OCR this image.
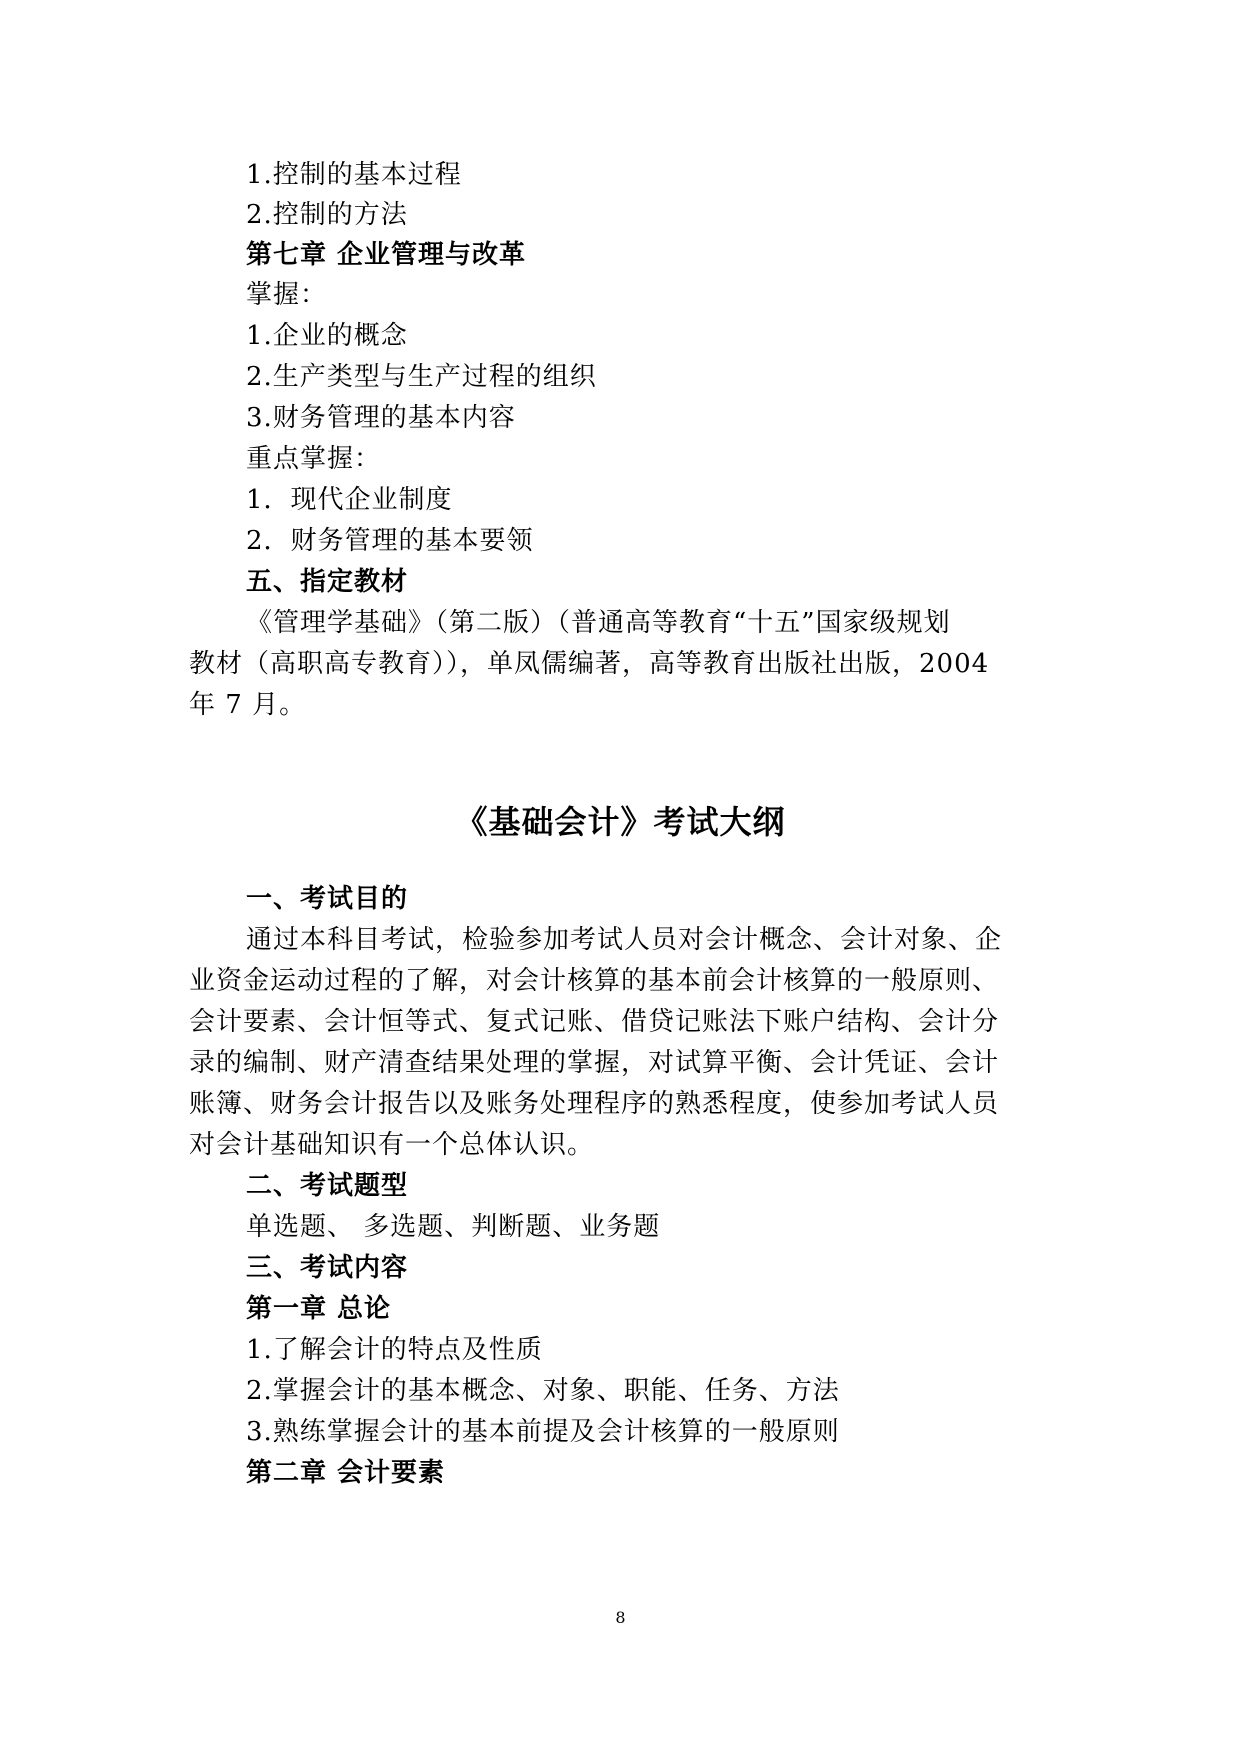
1.控制的基本过程
2.控制的方法
第七章 企业管理与改革
掌握：
1.企业的概念
2.生产类型与生产过程的组织
3.财务管理的基本内容
重点掌握：
1．现代企业制度
2．财务管理的基本要领
五、指定教材
《管理学基础》（第二版）（普通高等教育“十五”国家级规划
教材（高职高专教育）），单凤儒编著，高等教育出版社出版，2004
年 7 月。
《基础会计》考试大纲
一、考试目的
通过本科目考试，检验参加考试人员对会计概念、会计对象、企
业资金运动过程的了解，对会计核算的基本前会计核算的一般原则、
会计要素、会计恒等式、复式记账、借贷记账法下账户结构、会计分
录的编制、财产清查结果处理的掌握，对试算平衡、会计凭证、会计
账簿、财务会计报告以及账务处理程序的熟悉程度，使参加考试人员
对会计基础知识有一个总体认识。
二、考试题型
单选题、 多选题、判断题、业务题
三、考试内容
第一章 总论
1.了解会计的特点及性质
2.掌握会计的基本概念、对象、职能、任务、方法
3.熟练掌握会计的基本前提及会计核算的一般原则
第二章 会计要素
8
